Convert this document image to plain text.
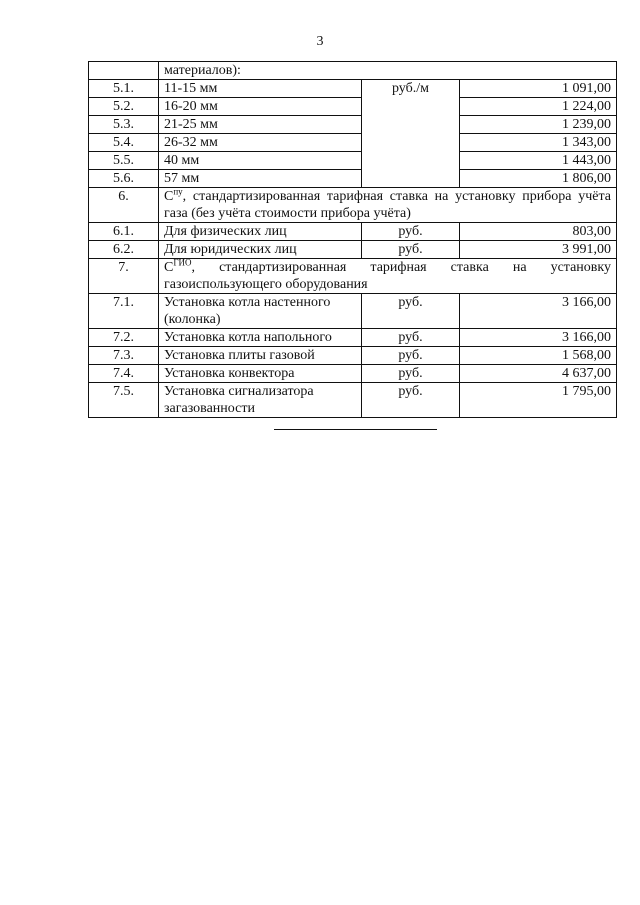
3
	материалов):		
5.1.	11-15 мм	руб./м	1 091,00
5.2.	16-20 мм		1 224,00
5.3.	21-25 мм		1 239,00
5.4.	26-32 мм		1 343,00
5.5.	40 мм		1 443,00
5.6.	57 мм		1 806,00
6.	$С^{пу}$, стандартизированная тарифная ставка на установку прибора учёта газа (без учёта стоимости прибора учёта)		
6.1.	Для физических лиц	руб.	803,00
6.2.	Для юридических лиц	руб.	3 991,00
7.	$С^{ГИО}$, стандартизированная тарифная ставка на установку газоиспользующего оборудования		
7.1.	Установка котла настенного (колонка)	руб.	3 166,00
7.2.	Установка котла напольного	руб.	3 166,00
7.3.	Установка плиты газовой	руб.	1 568,00
7.4.	Установка конвектора	руб.	4 637,00
7.5.	Установка сигнализатора загазованности	руб.	1 795,00
